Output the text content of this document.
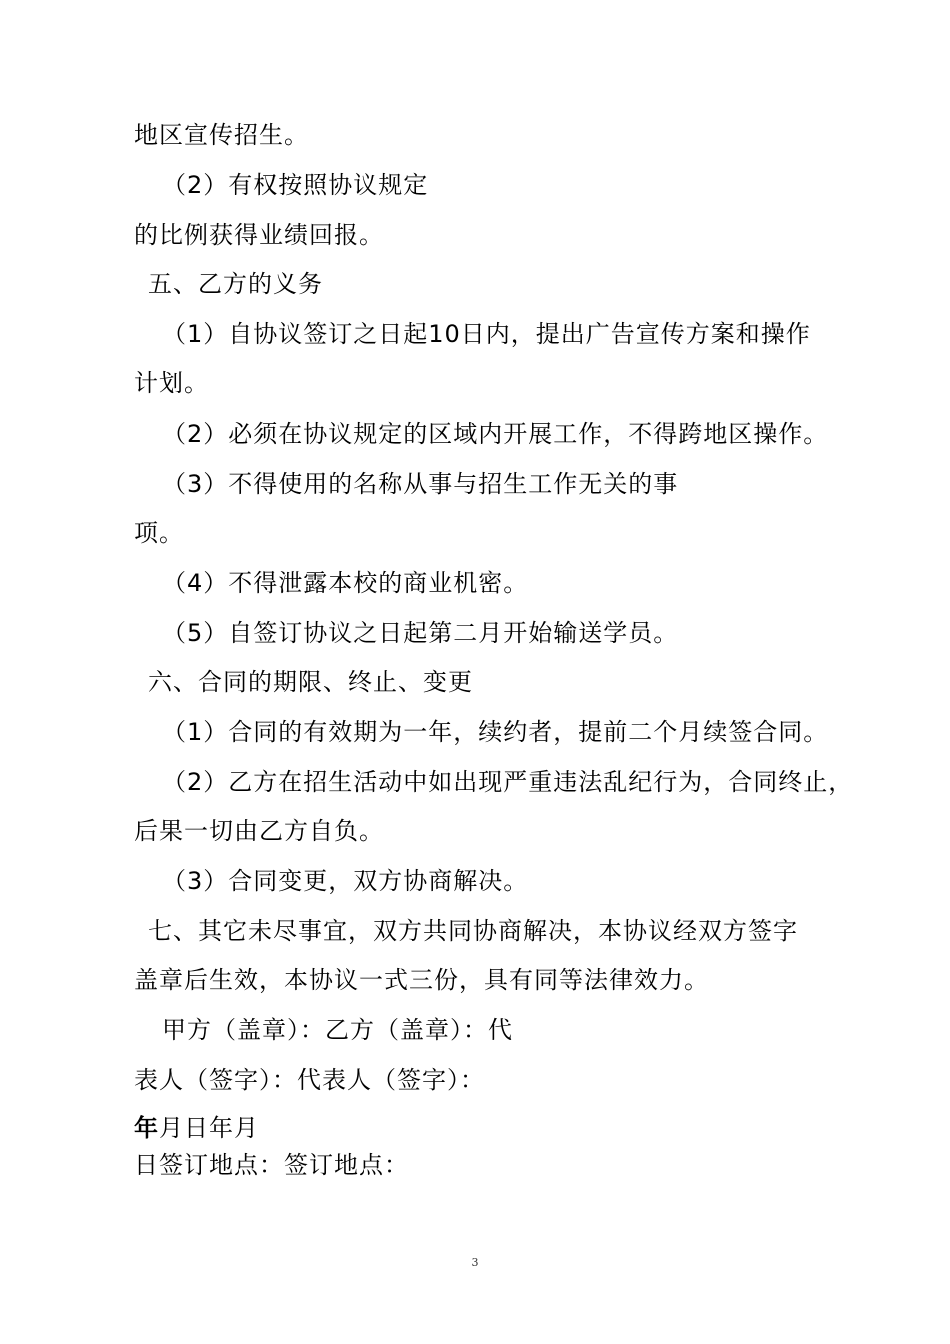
地区宣传招生。
（2）有权按照协议规定
的比例获得业绩回报。
五、乙方的义务
（1）自协议签订之日起10日内，提出广告宣传方案和操作
计划。
（2）必须在协议规定的区域内开展工作，不得跨地区操作。
（3）不得使用的名称从事与招生工作无关的事
项。
（4）不得泄露本校的商业机密。
（5）自签订协议之日起第二月开始输送学员。
六、合同的期限、终止、变更
（1）合同的有效期为一年，续约者，提前二个月续签合同。
（2）乙方在招生活动中如出现严重违法乱纪行为，合同终止，
后果一切由乙方自负。
（3）合同变更，双方协商解决。
七、其它未尽事宜，双方共同协商解决，本协议经双方签字
盖章后生效，本协议一式三份，具有同等法律效力。
甲方（盖章）：乙方（盖章）：代
表人（签字）：代表人（签字）：
年月日年月
日签订地点：签订地点：
3
